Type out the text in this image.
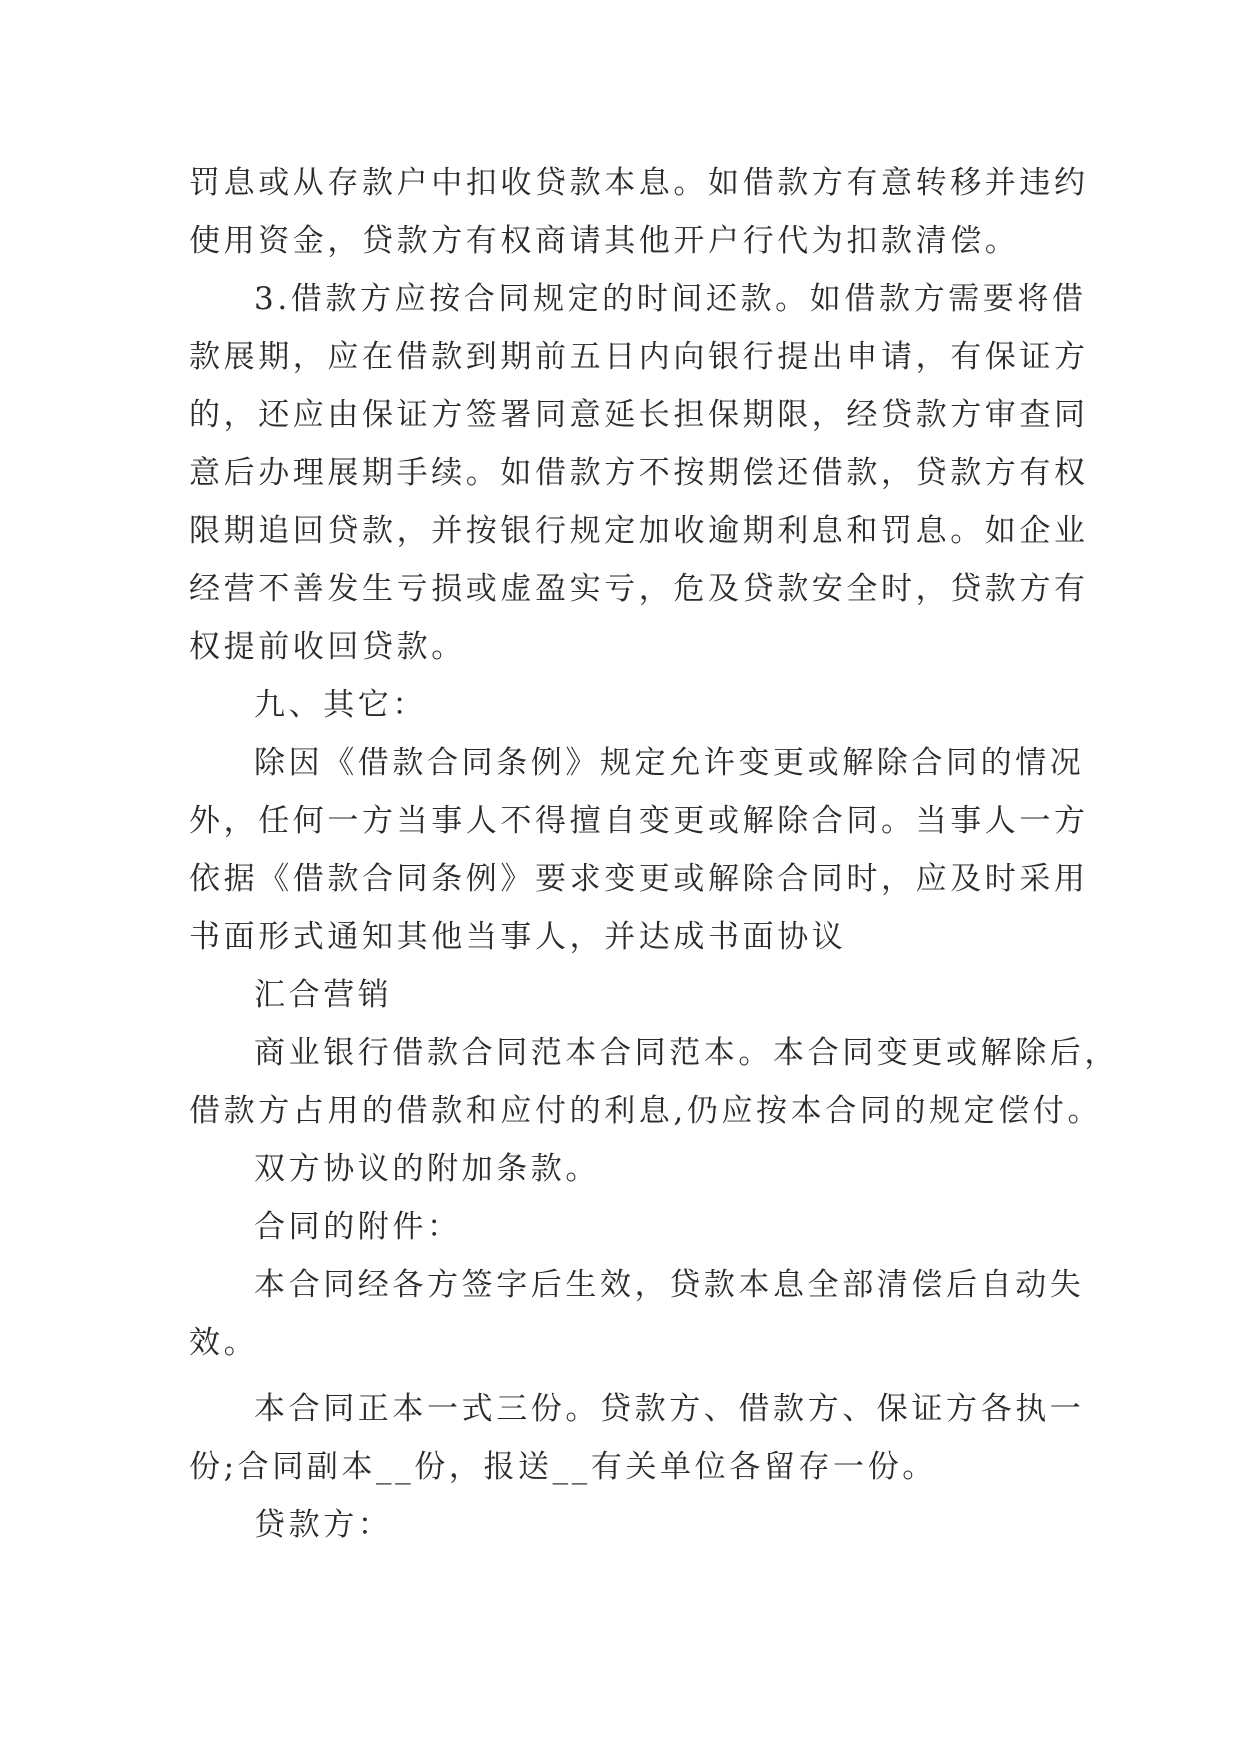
罚息或从存款户中扣收贷款本息。如借款方有意转移并违约
使用资金，贷款方有权商请其他开户行代为扣款清偿。
3.借款方应按合同规定的时间还款。如借款方需要将借
款展期，应在借款到期前五日内向银行提出申请，有保证方
的，还应由保证方签署同意延长担保期限，经贷款方审查同
意后办理展期手续。如借款方不按期偿还借款，贷款方有权
限期追回贷款，并按银行规定加收逾期利息和罚息。如企业
经营不善发生亏损或虚盈实亏，危及贷款安全时，贷款方有
权提前收回贷款。
九、其它：
除因《借款合同条例》规定允许变更或解除合同的情况
外，任何一方当事人不得擅自变更或解除合同。当事人一方
依据《借款合同条例》要求变更或解除合同时，应及时采用
书面形式通知其他当事人，并达成书面协议
汇合营销
商业银行借款合同范本合同范本。本合同变更或解除后，
借款方占用的借款和应付的利息,仍应按本合同的规定偿付。
双方协议的附加条款。
合同的附件：
本合同经各方签字后生效，贷款本息全部清偿后自动失
效。
本合同正本一式三份。贷款方、借款方、保证方各执一
份;合同副本__份，报送__有关单位各留存一份。
贷款方：
